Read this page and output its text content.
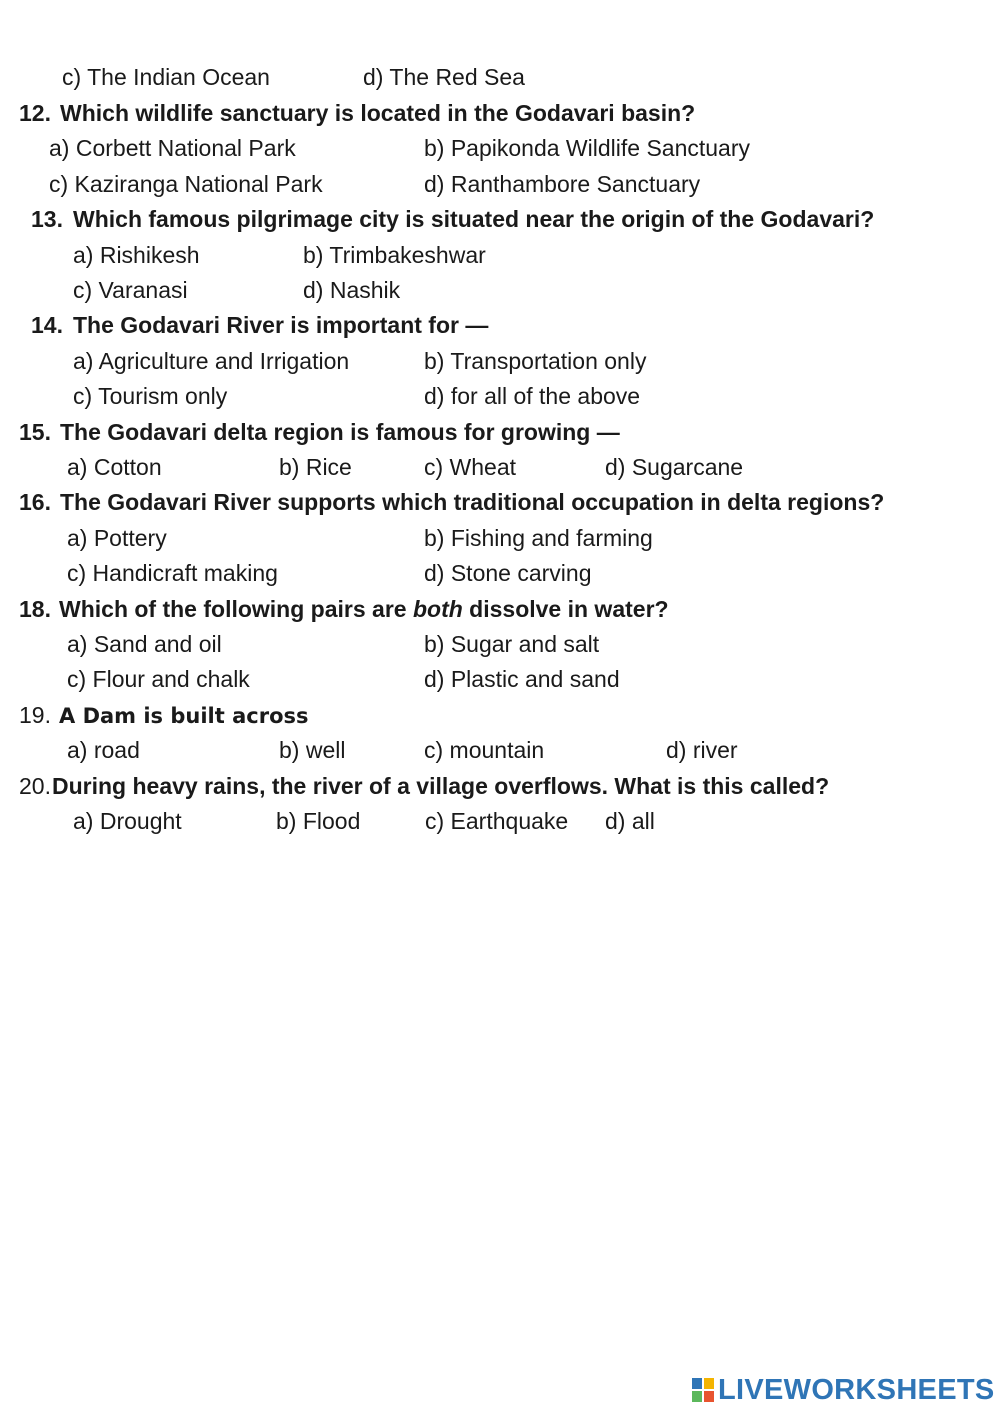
c) The Indian Ocean	d) The Red Sea
12. Which wildlife sanctuary is located in the Godavari basin?
a) Corbett National Park	b) Papikonda Wildlife Sanctuary
c) Kaziranga National Park	d) Ranthambore Sanctuary
13. Which famous pilgrimage city is situated near the origin of the Godavari?
a) Rishikesh	b) Trimbakeshwar
c) Varanasi	d) Nashik
14. The Godavari River is important for —
a) Agriculture and Irrigation	b) Transportation only
c) Tourism only	d) for all of the above
15. The Godavari delta region is famous for growing —
a) Cotton	b) Rice	c) Wheat	d) Sugarcane
16. The Godavari River supports which traditional occupation in delta regions?
a) Pottery	b) Fishing and farming
c) Handicraft making	d) Stone carving
18. Which of the following pairs are both dissolve in water?
a) Sand and oil	b) Sugar and salt
c) Flour and chalk	d) Plastic and sand
19. A Dam is built across
a) road	b) well	c) mountain	d) river
20. During heavy rains, the river of a village overflows. What is this called?
a) Drought	b) Flood	c) Earthquake d) all
LIVEWORKSHEETS
